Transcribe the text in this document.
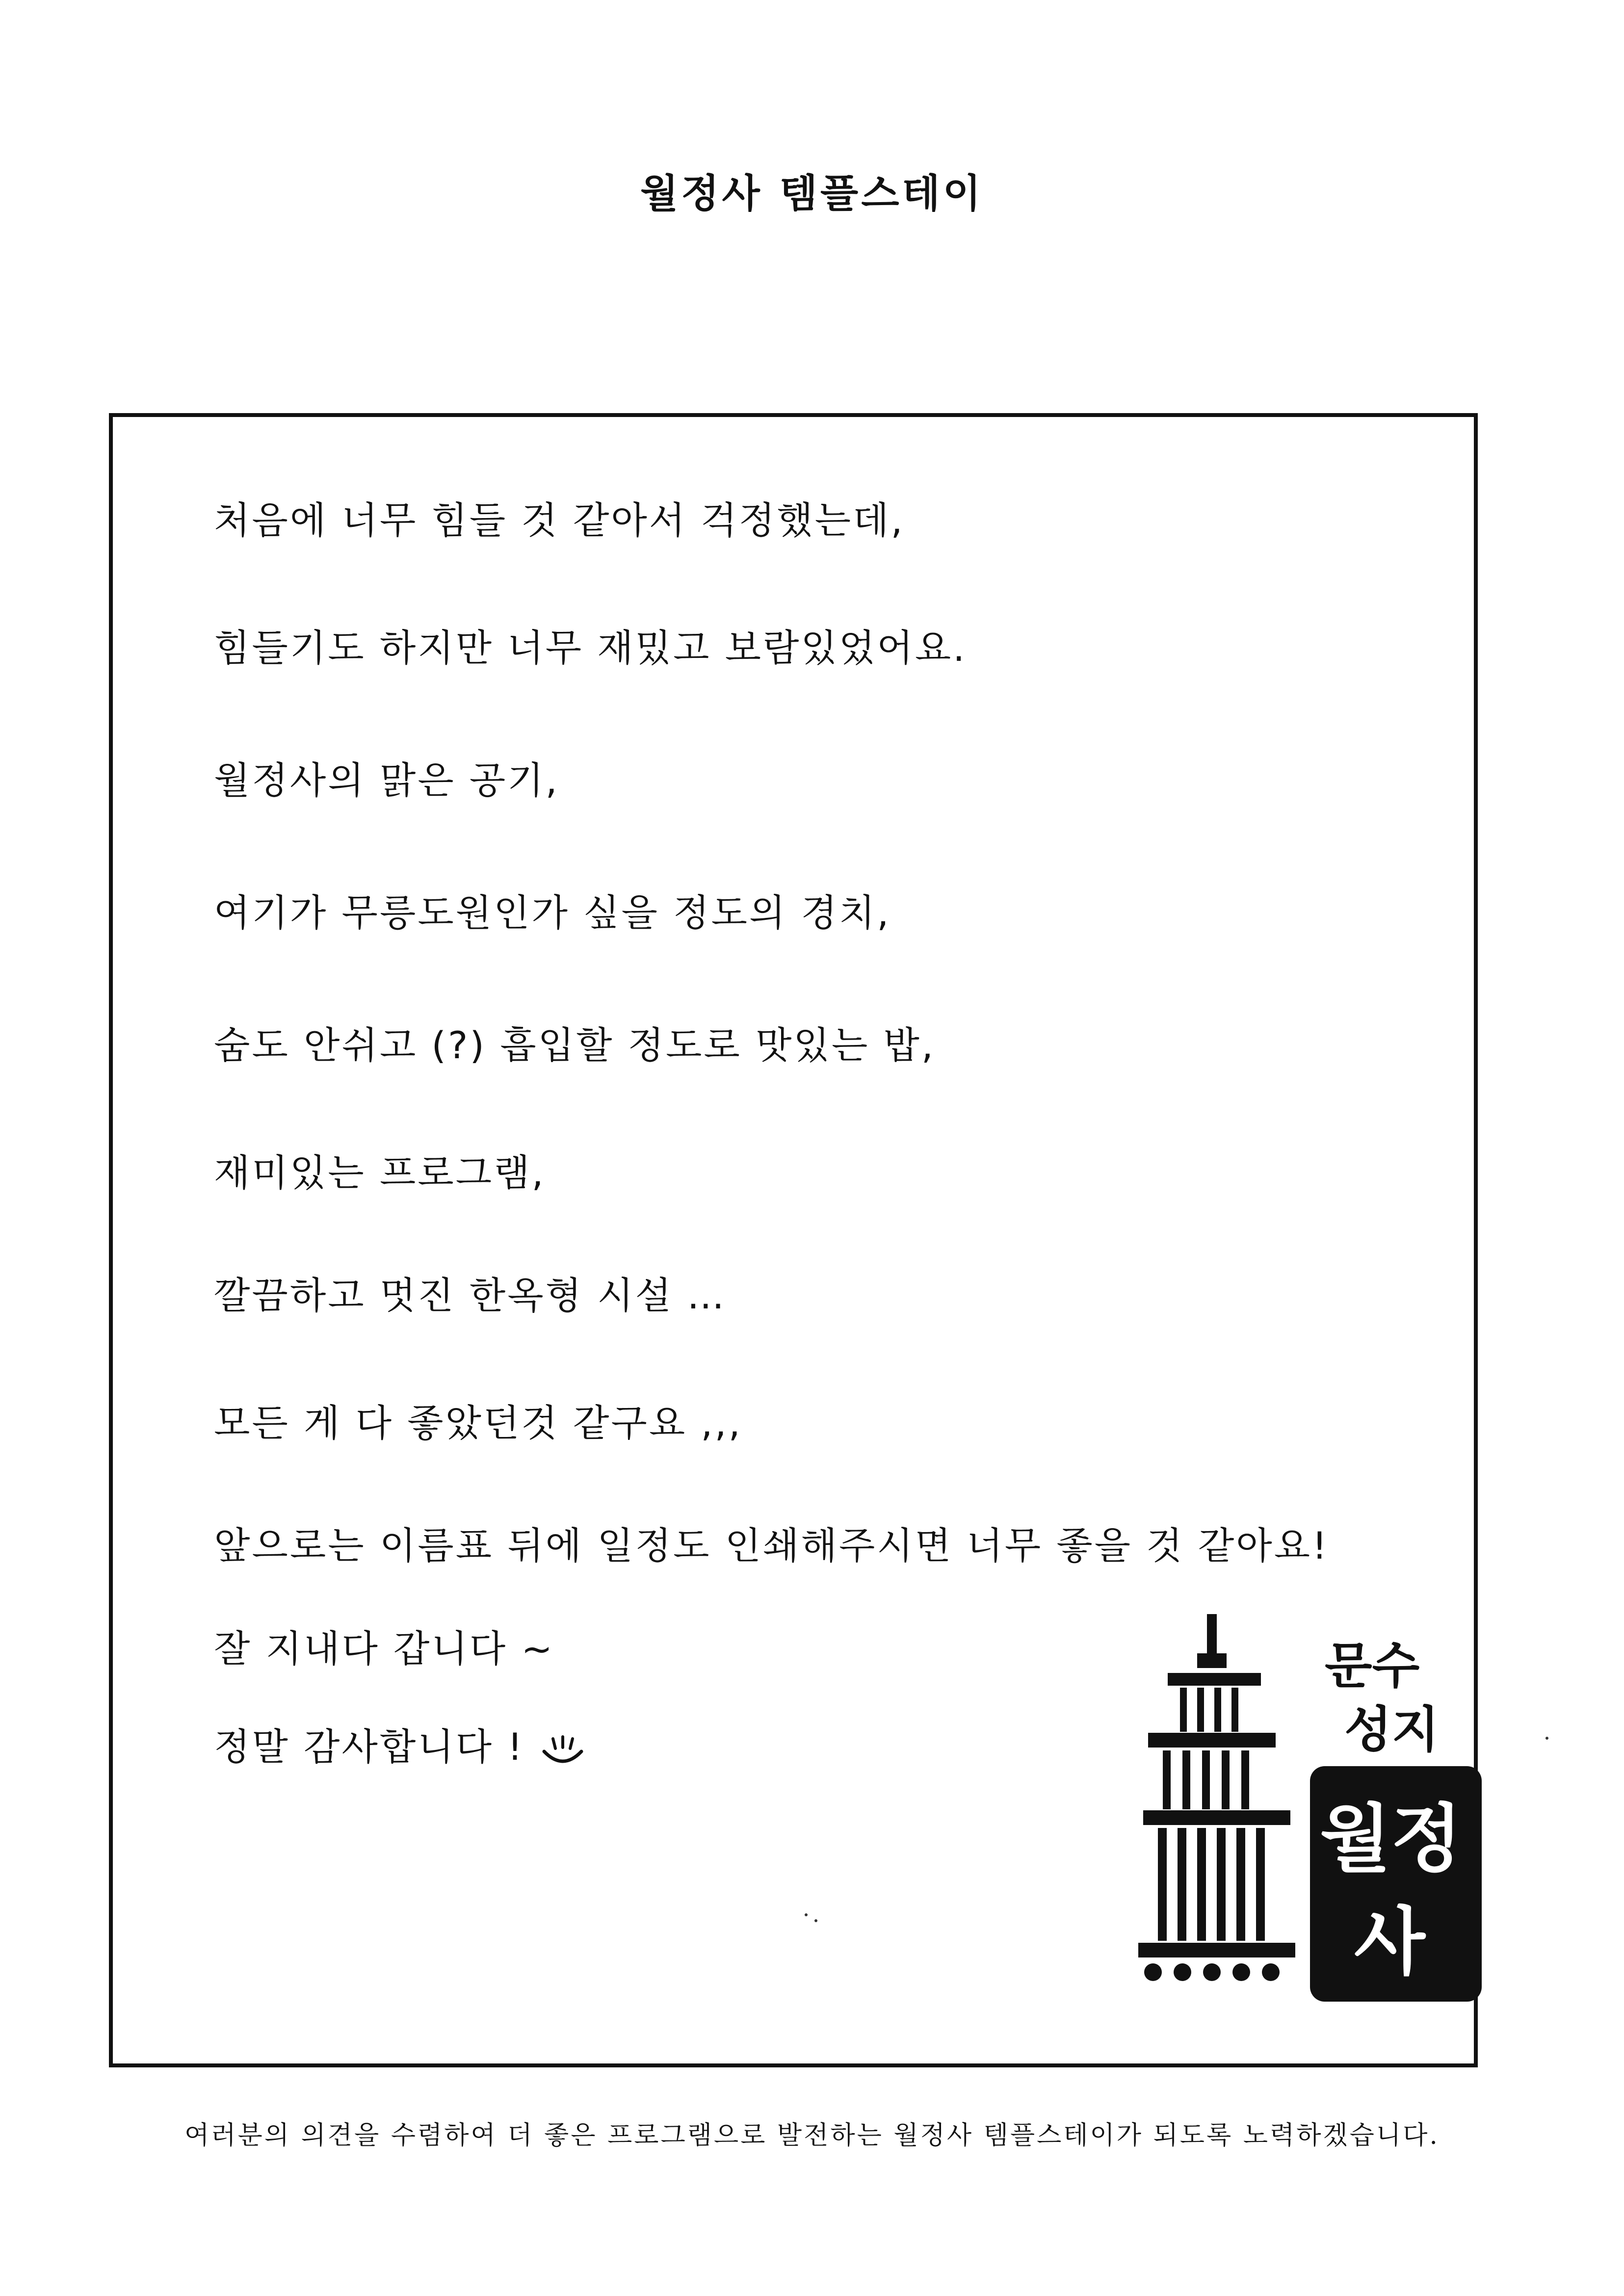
월정사 템플스테이
처음에 너무 힘들 것 같아서 걱정했는데,
힘들기도 하지만 너무 재밌고 보람있었어요.
월정사의 맑은 공기,
여기가 무릉도원인가 싶을 정도의 경치,
숨도 안쉬고 (?) 흡입할 정도로 맛있는 밥,
재미있는 프로그램,
깔끔하고 멋진 한옥형 시설 …
모든 게 다 좋았던것 같구요 ,,,
앞으로는 이름표 뒤에 일정도 인쇄해주시면 너무 좋을 것 같아요!
잘 지내다 갑니다 ~
정말 감사합니다 !
문수
성지
월정
사
여러분의 의견을 수렴하여 더 좋은 프로그램으로 발전하는 월정사 템플스테이가 되도록 노력하겠습니다.
